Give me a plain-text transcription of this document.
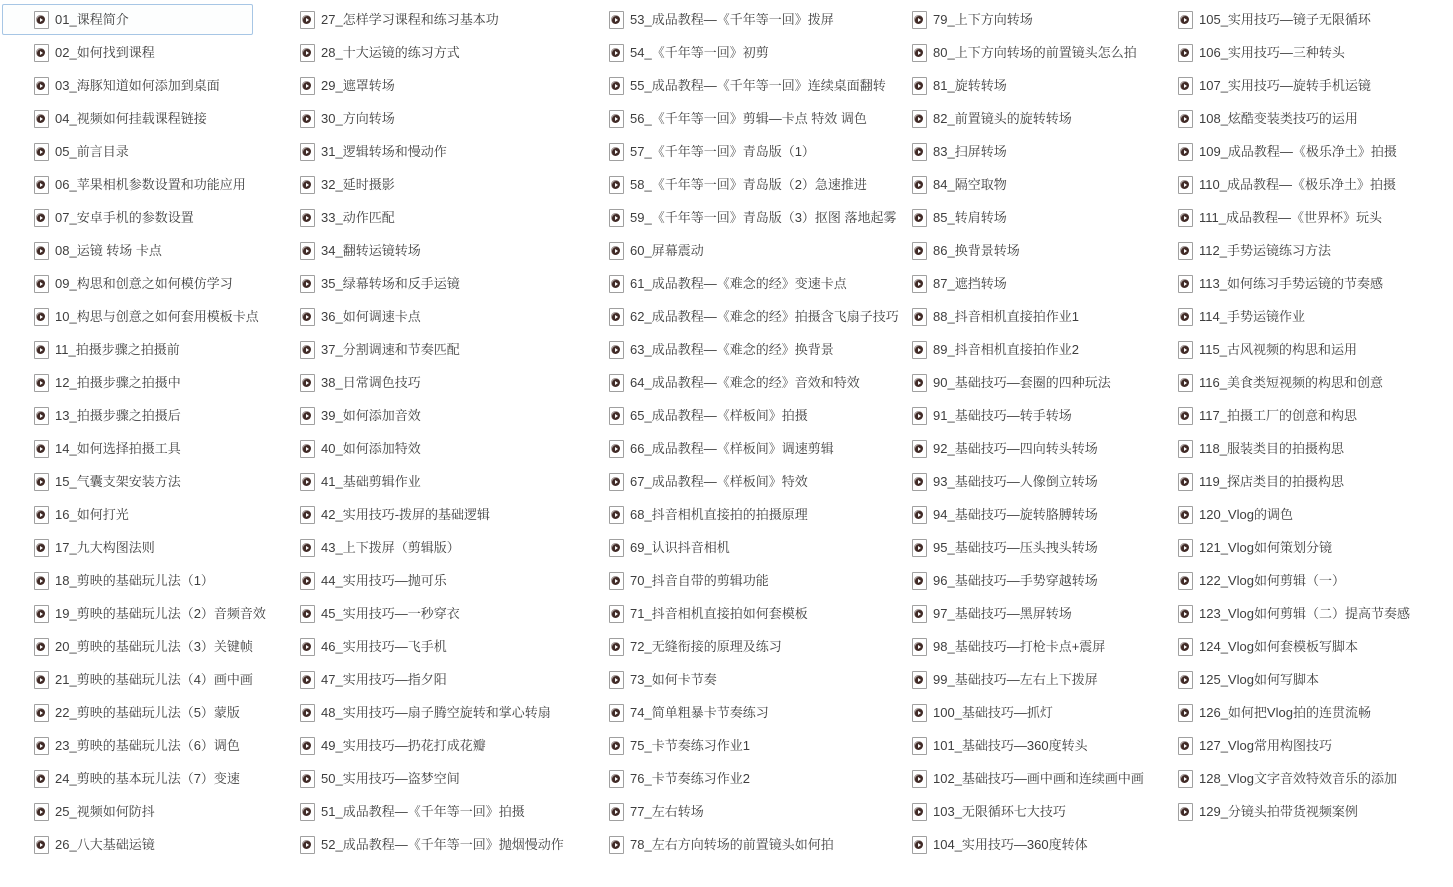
01_课程简介
02_如何找到课程
03_海豚知道如何添加到桌面
04_视频如何挂载课程链接
05_前言目录
06_苹果相机参数设置和功能应用
07_安卓手机的参数设置
08_运镜 转场 卡点
09_构思和创意之如何模仿学习
10_构思与创意之如何套用模板卡点
11_拍摄步骤之拍摄前
12_拍摄步骤之拍摄中
13_拍摄步骤之拍摄后
14_如何选择拍摄工具
15_气囊支架安装方法
16_如何打光
17_九大构图法则
18_剪映的基础玩儿法（1）
19_剪映的基础玩儿法（2）音频音效
20_剪映的基础玩儿法（3）关键帧
21_剪映的基础玩儿法（4）画中画
22_剪映的基础玩儿法（5）蒙版
23_剪映的基础玩儿法（6）调色
24_剪映的基本玩儿法（7）变速
25_视频如何防抖
26_八大基础运镜
27_怎样学习课程和练习基本功
28_十大运镜的练习方式
29_遮罩转场
30_方向转场
31_逻辑转场和慢动作
32_延时摄影
33_动作匹配
34_翻转运镜转场
35_绿幕转场和反手运镜
36_如何调速卡点
37_分割调速和节奏匹配
38_日常调色技巧
39_如何添加音效
40_如何添加特效
41_基础剪辑作业
42_实用技巧-拨屏的基础逻辑
43_上下拨屏（剪辑版）
44_实用技巧—抛可乐
45_实用技巧—一秒穿衣
46_实用技巧—飞手机
47_实用技巧—指夕阳
48_实用技巧—扇子腾空旋转和掌心转扇
49_实用技巧—扔花打成花瓣
50_实用技巧—盗梦空间
51_成品教程—《千年等一回》拍摄
52_成品教程—《千年等一回》抛烟慢动作
53_成品教程—《千年等一回》拨屏
54_《千年等一回》初剪
55_成品教程—《千年等一回》连续桌面翻转
56_《千年等一回》剪辑—卡点 特效 调色
57_《千年等一回》青岛版（1）
58_《千年等一回》青岛版（2）急速推进
59_《千年等一回》青岛版（3）抠图 落地起雾
60_屏幕震动
61_成品教程—《难念的经》变速卡点
62_成品教程—《难念的经》拍摄含飞扇子技巧
63_成品教程—《难念的经》换背景
64_成品教程—《难念的经》音效和特效
65_成品教程—《样板间》拍摄
66_成品教程—《样板间》调速剪辑
67_成品教程—《样板间》特效
68_抖音相机直接拍的拍摄原理
69_认识抖音相机
70_抖音自带的剪辑功能
71_抖音相机直接拍如何套模板
72_无缝衔接的原理及练习
73_如何卡节奏
74_简单粗暴卡节奏练习
75_卡节奏练习作业1
76_卡节奏练习作业2
77_左右转场
78_左右方向转场的前置镜头如何拍
79_上下方向转场
80_上下方向转场的前置镜头怎么拍
81_旋转转场
82_前置镜头的旋转转场
83_扫屏转场
84_隔空取物
85_转肩转场
86_换背景转场
87_遮挡转场
88_抖音相机直接拍作业1
89_抖音相机直接拍作业2
90_基础技巧—套圈的四种玩法
91_基础技巧—转手转场
92_基础技巧—四向转头转场
93_基础技巧—人像倒立转场
94_基础技巧—旋转胳膊转场
95_基础技巧—压头拽头转场
96_基础技巧—手势穿越转场
97_基础技巧—黑屏转场
98_基础技巧—打枪卡点+震屏
99_基础技巧—左右上下拨屏
100_基础技巧—抓灯
101_基础技巧—360度转头
102_基础技巧—画中画和连续画中画
103_无限循环七大技巧
104_实用技巧—360度转体
105_实用技巧—镜子无限循环
106_实用技巧—三种转头
107_实用技巧—旋转手机运镜
108_炫酷变装类技巧的运用
109_成品教程—《极乐净土》拍摄
110_成品教程—《极乐净土》拍摄
111_成品教程—《世界杯》玩头
112_手势运镜练习方法
113_如何练习手势运镜的节奏感
114_手势运镜作业
115_古风视频的构思和运用
116_美食类短视频的构思和创意
117_拍摄工厂的创意和构思
118_服装类目的拍摄构思
119_探店类目的拍摄构思
120_Vlog的调色
121_Vlog如何策划分镜
122_Vlog如何剪辑（一）
123_Vlog如何剪辑（二）提高节奏感
124_Vlog如何套模板写脚本
125_Vlog如何写脚本
126_如何把Vlog拍的连贯流畅
127_Vlog常用构图技巧
128_Vlog文字音效特效音乐的添加
129_分镜头拍带货视频案例
